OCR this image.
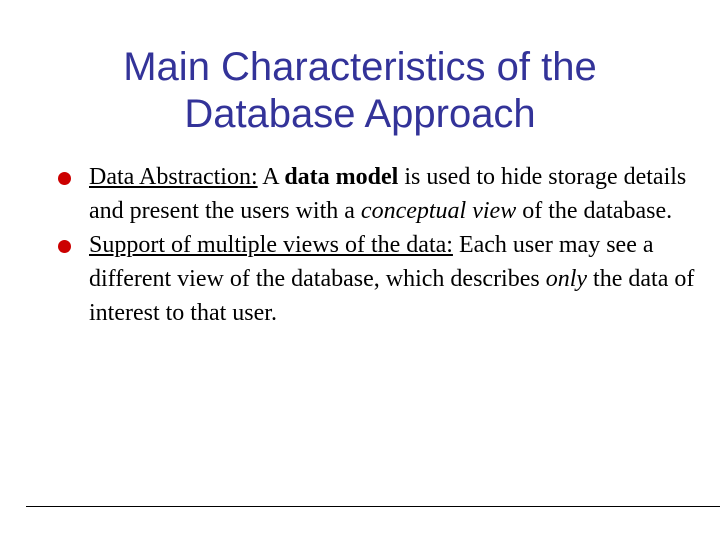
Main Characteristics of the
Database Approach
Data Abstraction: A data model is used to hide storage details and present the users with a conceptual view of the database.
Support of multiple views of the data: Each user may see adifferent view of the database, which describes only the data of interest to that user.
